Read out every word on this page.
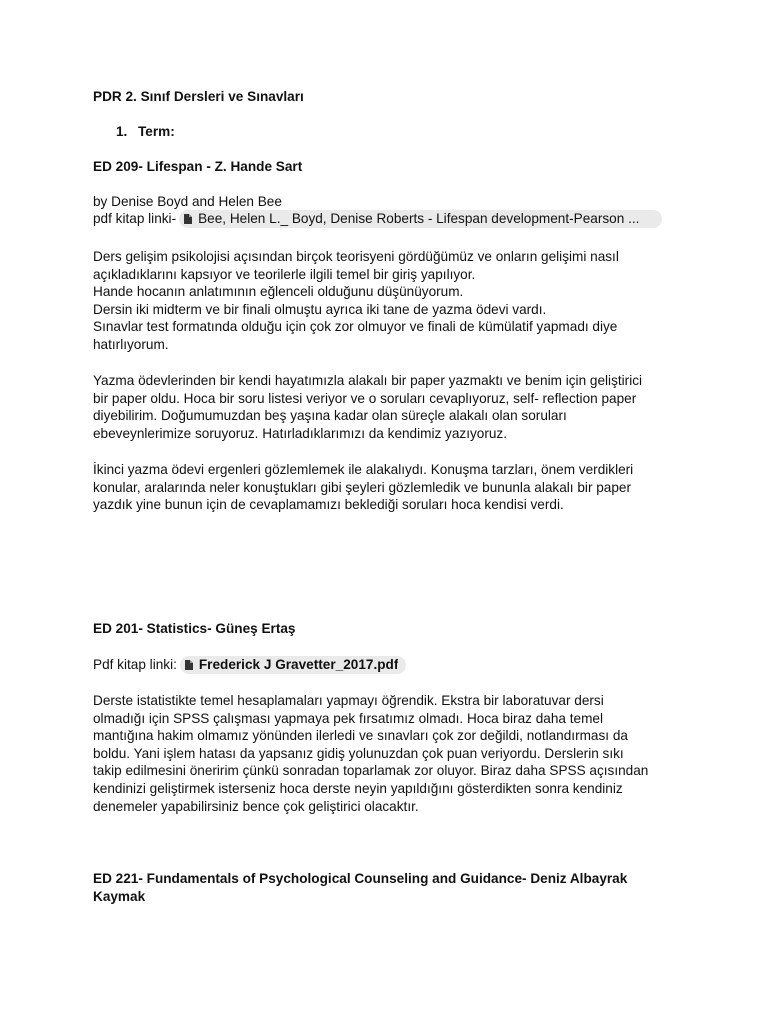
PDR 2. Sınıf Dersleri ve Sınavları
1. Term:
ED 209- Lifespan - Z. Hande Sart
by Denise Boyd and Helen Bee
pdf kitap linki- Bee, Helen L._ Boyd, Denise Roberts - Lifespan development-Pearson ...
Ders gelişim psikolojisi açısından birçok teorisyeni gördüğümüz ve onların gelişimi nasıl
açıkladıklarını kapsıyor ve teorilerle ilgili temel bir giriş yapılıyor.
Hande hocanın anlatımının eğlenceli olduğunu düşünüyorum.
Dersin iki midterm ve bir finali olmuştu ayrıca iki tane de yazma ödevi vardı.
Sınavlar test formatında olduğu için çok zor olmuyor ve finali de kümülatif yapmadı diye
hatırlıyorum.
Yazma ödevlerinden bir kendi hayatımızla alakalı bir paper yazmaktı ve benim için geliştirici
bir paper oldu. Hoca bir soru listesi veriyor ve o soruları cevaplıyoruz, self- reflection paper
diyebilirim. Doğumumuzdan beş yaşına kadar olan süreçle alakalı olan soruları
ebeveynlerimize soruyoruz. Hatırladıklarımızı da kendimiz yazıyoruz.
İkinci yazma ödevi ergenleri gözlemlemek ile alakalıydı. Konuşma tarzları, önem verdikleri
konular, aralarında neler konuştukları gibi şeyleri gözlemledik ve bununla alakalı bir paper
yazdık yine bunun için de cevaplamamızı beklediği soruları hoca kendisi verdi.
ED 201- Statistics- Güneş Ertaş
Pdf kitap linki: Frederick J Gravetter_2017.pdf
Derste istatistikte temel hesaplamaları yapmayı öğrendik. Ekstra bir laboratuvar dersi
olmadığı için SPSS çalışması yapmaya pek fırsatımız olmadı. Hoca biraz daha temel
mantığına hakim olmamız yönünden ilerledi ve sınavları çok zor değildi, notlandırması da
boldu. Yani işlem hatası da yapsanız gidiş yolunuzdan çok puan veriyordu. Derslerin sıkı
takip edilmesini öneririm çünkü sonradan toparlamak zor oluyor. Biraz daha SPSS açısından
kendinizi geliştirmek isterseniz hoca derste neyin yapıldığını gösterdikten sonra kendiniz
denemeler yapabilirsiniz bence çok geliştirici olacaktır.
ED 221- Fundamentals of Psychological Counseling and Guidance- Deniz Albayrak
Kaymak
